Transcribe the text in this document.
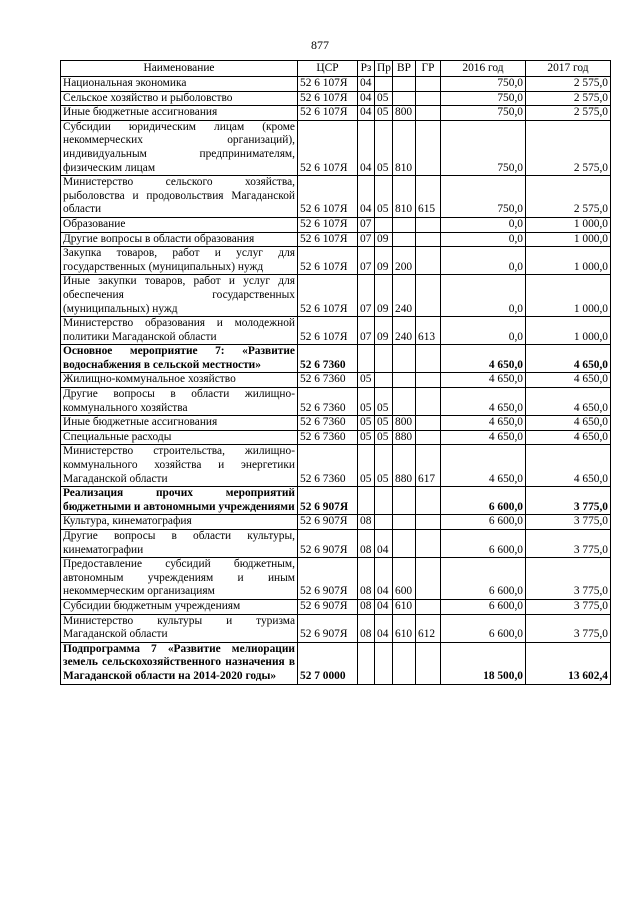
877
Наименование	ЦСР	Рз	Пр	ВР	ГР	2016 год	2017 год
Национальная экономика	52 6 107Я	04				750,0	2 575,0
Сельское хозяйство и рыболовство	52 6 107Я	04	05			750,0	2 575,0
Иные бюджетные ассигнования	52 6 107Я	04	05	800		750,0	2 575,0
Субсидии юридическим лицам (кроме некоммерческих организаций), индивидуальным предпринимателям, физическим лицам	52 6 107Я	04	05	810		750,0	2 575,0
Министерство сельского хозяйства, рыболовства и продовольствия Магаданской области	52 6 107Я	04	05	810	615	750,0	2 575,0
Образование	52 6 107Я	07				0,0	1 000,0
Другие вопросы в области образования	52 6 107Я	07	09			0,0	1 000,0
Закупка товаров, работ и услуг для государственных (муниципальных) нужд	52 6 107Я	07	09	200		0,0	1 000,0
Иные закупки товаров, работ и услуг для обеспечения государственных (муниципальных) нужд	52 6 107Я	07	09	240		0,0	1 000,0
Министерство образования и молодежной политики Магаданской области	52 6 107Я	07	09	240	613	0,0	1 000,0
Основное мероприятие 7: «Развитие водоснабжения в сельской местности»	52 6 7360					4 650,0	4 650,0
Жилищно-коммунальное хозяйство	52 6 7360	05				4 650,0	4 650,0
Другие вопросы в области жилищно-коммунального хозяйства	52 6 7360	05	05			4 650,0	4 650,0
Иные бюджетные ассигнования	52 6 7360	05	05	800		4 650,0	4 650,0
Специальные расходы	52 6 7360	05	05	880		4 650,0	4 650,0
Министерство строительства, жилищно-коммунального хозяйства и энергетики Магаданской области	52 6 7360	05	05	880	617	4 650,0	4 650,0
Реализация прочих мероприятий бюджетными и автономными учреждениями	52 6 907Я					6 600,0	3 775,0
Культура, кинематография	52 6 907Я	08				6 600,0	3 775,0
Другие вопросы в области культуры, кинематографии	52 6 907Я	08	04			6 600,0	3 775,0
Предоставление субсидий бюджетным, автономным учреждениям и иным некоммерческим организациям	52 6 907Я	08	04	600		6 600,0	3 775,0
Субсидии бюджетным учреждениям	52 6 907Я	08	04	610		6 600,0	3 775,0
Министерство культуры и туризма Магаданской области	52 6 907Я	08	04	610	612	6 600,0	3 775,0
Подпрограмма 7 «Развитие мелиорации земель сельскохозяйственного назначения в Магаданской области на 2014-2020 годы»	52 7 0000					18 500,0	13 602,4
